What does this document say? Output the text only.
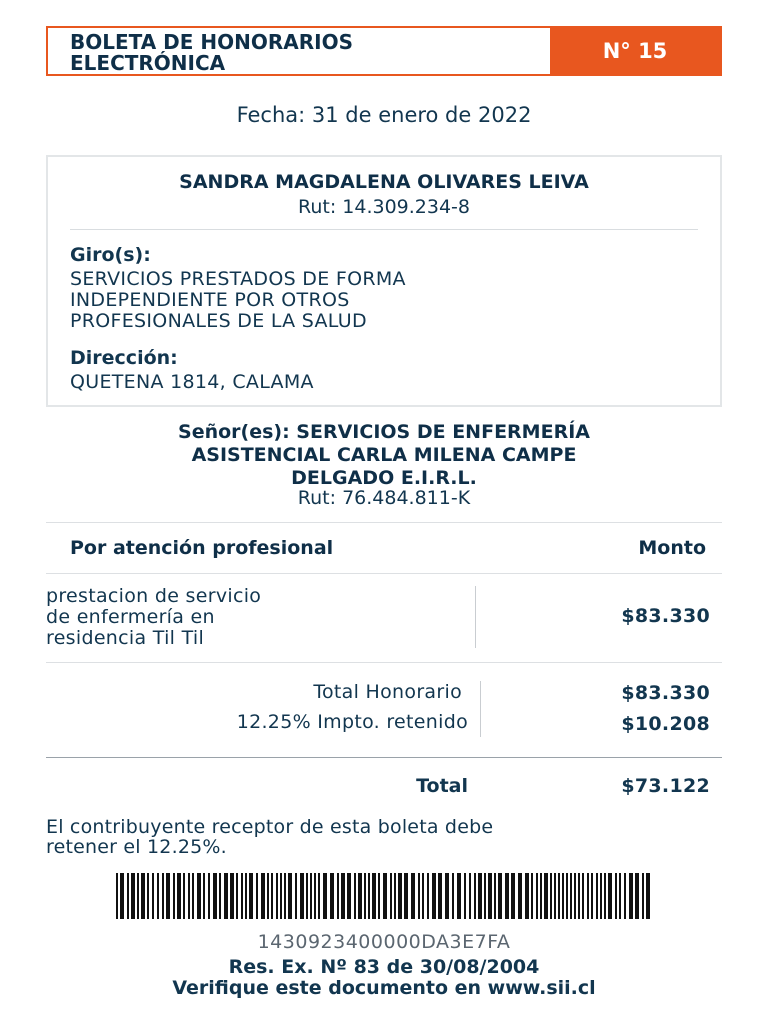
BOLETA DE HONORARIOS
ELECTRÓNICA	N° 15
Fecha: 31 de enero de 2022
SANDRA MAGDALENA OLIVARES LEIVA
Rut: 14.309.234-8
Giro(s):
SERVICIOS PRESTADOS DE FORMA
INDEPENDIENTE POR OTROS
PROFESIONALES DE LA SALUD
Dirección:
QUETENA 1814, CALAMA
Señor(es): SERVICIOS DE ENFERMERÍA
ASISTENCIAL CARLA MILENA CAMPE
DELGADO E.I.R.L.
Rut: 76.484.811-K
Por atención profesional	Monto
prestacion de servicio
de enfermería en
residencia Til Til
$83.330
Total Honorario	$83.330
12.25% Impto. retenido	$10.208
Total	$73.122
El contribuyente receptor de esta boleta debe
retener el 12.25%.
1430923400000DA3E7FA
Res. Ex. Nº 83 de 30/08/2004
Verifique este documento en www.sii.cl
